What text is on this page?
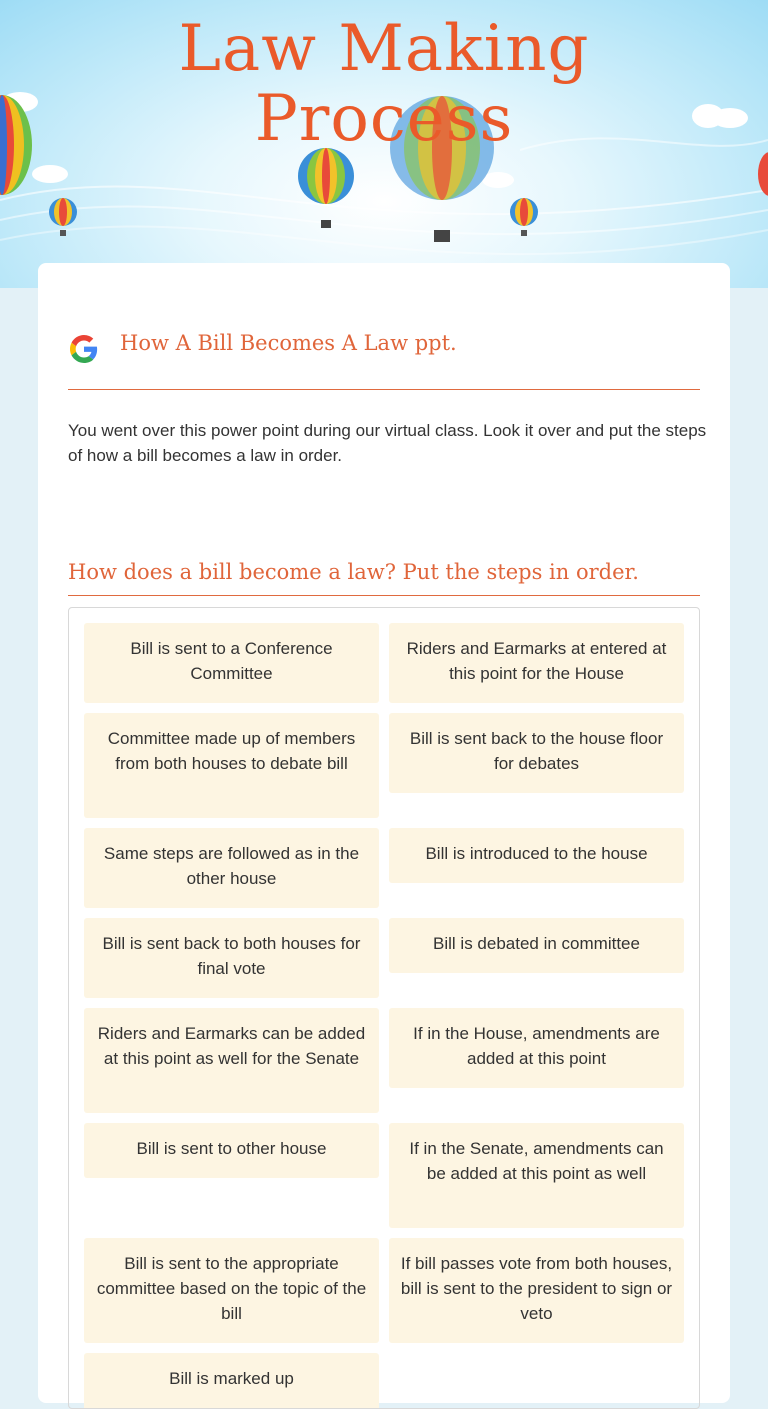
Law Making
Process
How A Bill Becomes A Law ppt.
You went over this power point during our virtual class. Look it over and put the steps of how a bill becomes a law in order.
How does a bill become a law? Put the steps in order.
Bill is sent to a Conference Committee
Riders and Earmarks at entered at this point for the House
Committee made up of members from both houses to debate bill
Bill is sent back to the house floor for debates
Same steps are followed as in the other house
Bill is introduced to the house
Bill is sent back to both houses for final vote
Bill is debated in committee
Riders and Earmarks can be added at this point as well for the Senate
If in the House, amendments are added at this point
Bill is sent to other house	If in the Senate, amendments can be added at this point as well
Bill is sent to the appropriate committee based on the topic of the bill
If bill passes vote from both houses, bill is sent to the president to sign or veto
Bill is marked up
